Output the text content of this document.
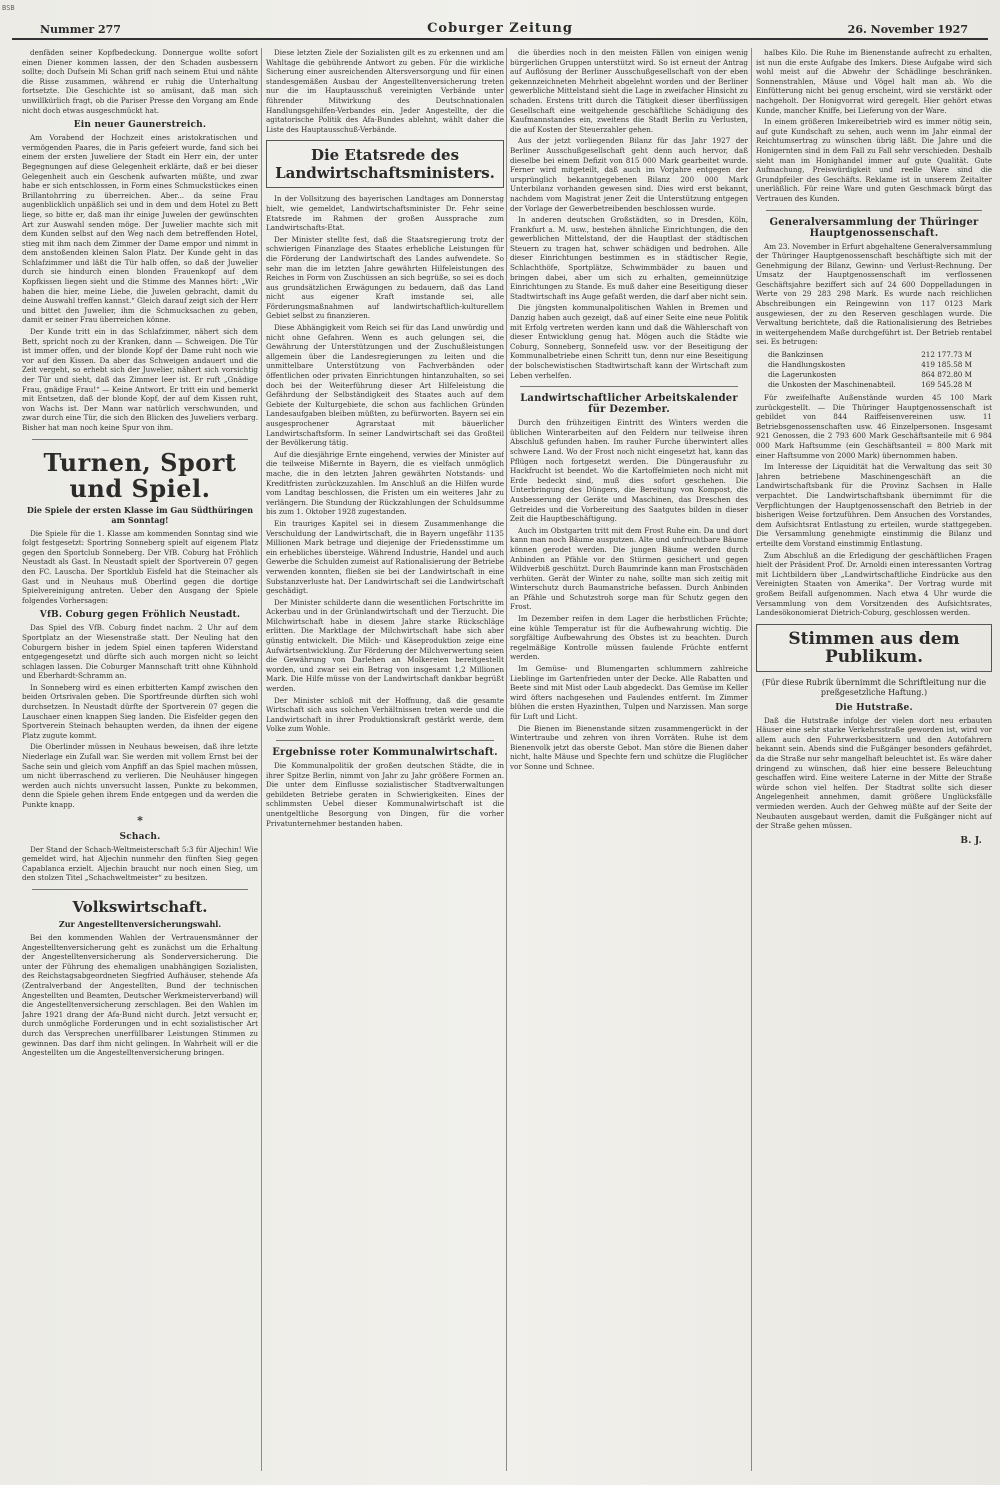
BSB
Nummer 277	Coburger Zeitung	26. November 1927

denfäden seiner Kopfbedeckung. Donnergue wollte sofort einen Diener kommen lassen, der den Schaden ausbessern sollte; doch Dufsein Mi Schan griff nach seinem Etui und nähte die Risse zusammen, während er ruhig die Unterhaltung fortsetzte. Die Geschichte ist so amüsant, daß man sich unwillkürlich fragt, ob die Pariser Presse den Vorgang am Ende nicht doch etwas ausgeschmückt hat.

Ein neuer Gaunerstreich.

Am Vorabend der Hochzeit eines aristokratischen und vermögenden Paares, die in Paris gefeiert wurde, fand sich bei einem der ersten Juweliere der Stadt ein Herr ein, der unter Begegnungen auf diese Gelegenheit erklärte, daß er bei dieser Gelegenheit auch ein Geschenk aufwarten müßte, und zwar habe er sich entschlossen, in Form eines Schmuckstückes einen Brillantohrring zu überreichen. Aber... da seine Frau augenblicklich unpäßlich sei und in dem und dem Hotel zu Bett liege, so bitte er, daß man ihr einige Juwelen der gewünschten Art zur Auswahl senden möge. Der Juwelier machte sich mit dem Kunden selbst auf den Weg nach dem betreffenden Hotel, stieg mit ihm nach dem Zimmer der Dame empor und nimmt in dem anstoßenden kleinen Salon Platz. Der Kunde geht in das Schlafzimmer und läßt die Tür halb offen, so daß der Juwelier durch sie hindurch einen blonden Frauenkopf auf dem Kopfkissen liegen sieht und die Stimme des Mannes hört: „Wir haben die hier, meine Liebe, die Juwelen gebracht, damit du deine Auswahl treffen kannst.“ Gleich darauf zeigt sich der Herr und bittet den Juwelier, ihm die Schmucksachen zu geben, damit er seiner Frau überreichen könne.

Der Kunde tritt ein in das Schlafzimmer, nähert sich dem Bett, spricht noch zu der Kranken, dann — Schweigen. Die Tür ist immer offen, und der blonde Kopf der Dame ruht noch wie vor auf den Kissen. Da aber das Schweigen andauert und die Zeit vergeht, so erhebt sich der Juwelier, nähert sich vorsichtig der Tür und sieht, daß das Zimmer leer ist. Er ruft „Gnädige Frau, gnädige Frau!“ — Keine Antwort. Er tritt ein und bemerkt mit Entsetzen, daß der blonde Kopf, der auf dem Kissen ruht, von Wachs ist. Der Mann war natürlich verschwunden, und zwar durch eine Tür, die sich den Blicken des Juweliers verbarg. Bisher hat man noch keine Spur von ihm.

Turnen, Sport und Spiel.
Die Spiele der ersten Klasse im Gau Südthüringen am Sonntag!

Die Spiele für die 1. Klasse am kommenden Sonntag sind wie folgt festgesetzt: Sportring Sonneberg spielt auf eigenem Platz gegen den Sportclub Sonneberg. Der VfB. Coburg hat Fröhlich Neustadt als Gast. In Neustadt spielt der Sportverein 07 gegen den FC. Lauscha. Der Sportklub Eisfeld hat die Steinacher als Gast und in Neuhaus muß Oberlind gegen die dortige Spielvereinigung antreten. Ueber den Ausgang der Spiele folgendes Vorhersagen:

VfB. Coburg gegen Fröhlich Neustadt.

Das Spiel des VfB. Coburg findet nachm. 2 Uhr auf dem Sportplatz an der Wiesenstraße statt. Der Neuling hat den Coburgern bisher in jedem Spiel einen tapferen Widerstand entgegengesetzt und dürfte sich auch morgen nicht so leicht schlagen lassen. Die Coburger Mannschaft tritt ohne Kühnhold und Eberhardt-Schramm an.

In Sonneberg wird es einen erbitterten Kampf zwischen den beiden Ortsrivalen geben. Die Sportfreunde dürften sich wohl durchsetzen. In Neustadt dürfte der Sportverein 07 gegen die Lauschaer einen knappen Sieg landen. Die Eisfelder gegen den Sportverein Steinach behaupten werden, da ihnen der eigene Platz zugute kommt.

Die Oberlinder müssen in Neuhaus beweisen, daß ihre letzte Niederlage ein Zufall war. Sie werden mit vollem Ernst bei der Sache sein und gleich vom Anpfiff an das Spiel machen müssen, um nicht überraschend zu verlieren. Die Neuhäuser hingegen werden auch nichts unversucht lassen, Punkte zu bekommen, denn die Spiele gehen ihrem Ende entgegen und da werden die Punkte knapp.

*
Schach.

Der Stand der Schach-Weltmeisterschaft 5:3 für Aljechin! Wie gemeldet wird, hat Aljechin nunmehr den fünften Sieg gegen Capablanca erzielt. Aljechin braucht nur noch einen Sieg, um den stolzen Titel „Schachweltmeister“ zu besitzen.

Volkswirtschaft.
Zur Angestelltenversicherungswahl.

Bei den kommenden Wahlen der Vertrauensmänner der Angestelltenversicherung geht es zunächst um die Erhaltung der Angestelltenversicherung als Sonderversicherung. Die unter der Führung des ehemaligen unabhängigen Sozialisten, des Reichstagsabgeordneten Siegfried Aufhäuser, stehende Afa (Zentralverband der Angestellten, Bund der technischen Angestellten und Beamten, Deutscher Werkmeisterverband) will die Angestelltenversicherung zerschlagen. Bei den Wahlen im Jahre 1921 drang der Afa-Bund nicht durch. Jetzt versucht er, durch unmögliche Forderungen und in echt sozialistischer Art durch das Versprechen unerfüllbarer Leistungen Stimmen zu gewinnen. Das darf ihm nicht gelingen. In Wahrheit will er die Angestellten um die Angestelltenversicherung bringen.

Diese letzten Ziele der Sozialisten gilt es zu erkennen und am Wahltage die gebührende Antwort zu geben. Für die wirkliche Sicherung einer ausreichenden Altersversorgung und für einen standesgemäßen Ausbau der Angestelltenversicherung treten nur die im Hauptausschuß vereinigten Verbände unter führender Mitwirkung des Deutschnationalen Handlungsgehilfen-Verbandes ein. Jeder Angestellte, der die agitatorische Politik des Afa-Bundes ablehnt, wählt daher die Liste des Hauptausschuß-Verbände.

Die Etatsrede des Landwirtschaftsministers.

In der Vollsitzung des bayerischen Landtages am Donnerstag hielt, wie gemeldet, Landwirtschaftsminister Dr. Fehr seine Etatsrede im Rahmen der großen Aussprache zum Landwirtschafts-Etat.

Der Minister stellte fest, daß die Staatsregierung trotz der schwierigen Finanzlage des Staates erhebliche Leistungen für die Förderung der Landwirtschaft des Landes aufwendete. So sehr man die im letzten Jahre gewährten Hilfeleistungen des Reiches in Form von Zuschüssen an sich begrüße, so sei es doch aus grundsätzlichen Erwägungen zu bedauern, daß das Land nicht aus eigener Kraft imstande sei, alle Förderungsmaßnahmen auf landwirtschaftlich-kulturellem Gebiet selbst zu finanzieren.

Diese Abhängigkeit vom Reich sei für das Land unwürdig und nicht ohne Gefahren. Wenn es auch gelungen sei, die Gewährung der Unterstützungen und der Zuschußleistungen allgemein über die Landesregierungen zu leiten und die unmittelbare Unterstützung von Fachverbänden oder öffentlichen oder privaten Einrichtungen hintanzuhalten, so sei doch bei der Weiterführung dieser Art Hilfeleistung die Gefährdung der Selbständigkeit des Staates auch auf dem Gebiete der Kulturgebiete, die schon aus fachlichen Gründen Landesaufgaben bleiben müßten, zu befürworten. Bayern sei ein ausgesprochener Agrarstaat mit bäuerlicher Landwirtschaftsform. In seiner Landwirtschaft sei das Großteil der Bevölkerung tätig.

Auf die diesjährige Ernte eingehend, verwies der Minister auf die teilweise Mißernte in Bayern, die es vielfach unmöglich mache, die in den letzten Jahren gewährten Notstands- und Kreditfristen zurückzuzahlen. Im Anschluß an die Hilfen wurde vom Landtag beschlossen, die Fristen um ein weiteres Jahr zu verlängern. Die Stundung der Rückzahlungen der Schuldsumme bis zum 1. Oktober 1928 zugestanden.

Ein trauriges Kapitel sei in diesem Zusammenhange die Verschuldung der Landwirtschaft, die in Bayern ungefähr 1135 Millionen Mark betrage und diejenige der Friedensstimme um ein erhebliches übersteige. Während Industrie, Handel und auch Gewerbe die Schulden zumeist auf Rationalisierung der Betriebe verwenden konnten, fließen sie bei der Landwirtschaft in eine Substanzverluste hat. Der Landwirtschaft sei die Landwirtschaft geschädigt.

Der Minister schilderte dann die wesentlichen Fortschritte im Ackerbau und in der Grünlandwirtschaft und der Tierzucht. Die Milchwirtschaft habe in diesem Jahre starke Rückschläge erlitten. Die Marktlage der Milchwirtschaft habe sich aber günstig entwickelt. Die Milch- und Käseproduktion zeige eine Aufwärtsentwicklung. Zur Förderung der Milchverwertung seien die Gewährung von Darlehen an Molkereien bereitgestellt worden, und zwar sei ein Betrag von insgesamt 1,2 Millionen Mark. Die Hilfe müsse von der Landwirtschaft dankbar begrüßt werden.

Der Minister schloß mit der Hoffnung, daß die gesamte Wirtschaft sich aus solchen Verhältnissen treten werde und die Landwirtschaft in ihrer Produktionskraft gestärkt werde, dem Volke zum Wohle.

Ergebnisse roter Kommunalwirtschaft.

Die Kommunalpolitik der großen deutschen Städte, die in ihrer Spitze Berlin, nimmt von Jahr zu Jahr größere Formen an. Die unter dem Einflusse sozialistischer Stadtverwaltungen gebildeten Betriebe geraten in Schwierigkeiten. Eines der schlimmsten Uebel dieser Kommunalwirtschaft ist die unentgeltliche Besorgung von Dingen, für die vorher Privatunternehmer bestanden haben.

die überdies noch in den meisten Fällen von einigen wenig bürgerlichen Gruppen unterstützt wird. So ist erneut der Antrag auf Auflösung der Berliner Ausschußgesellschaft von der eben gekennzeichneten Mehrheit abgelehnt worden und der Berliner gewerbliche Mittelstand sieht die Lage in zweifacher Hinsicht zu schaden. Erstens tritt durch die Tätigkeit dieser überflüssigen Gesellschaft eine weitgehende geschäftliche Schädigung des Kaufmannstandes ein, zweitens die Stadt Berlin zu Verlusten, die auf Kosten der Steuerzahler gehen.

Aus der jetzt vorliegenden Bilanz für das Jahr 1927 der Berliner Ausschußgesellschaft geht denn auch hervor, daß dieselbe bei einem Defizit von 815 000 Mark gearbeitet wurde. Ferner wird mitgeteilt, daß auch im Vorjahre entgegen der ursprünglich bekanntgegebenen Bilanz 200 000 Mark Unterbilanz vorhanden gewesen sind. Dies wird erst bekannt, nachdem vom Magistrat jener Zeit die Unterstützung entgegen der Vorlage der Gewerbetreibenden beschlossen wurde.

In anderen deutschen Großstädten, so in Dresden, Köln, Frankfurt a. M. usw., bestehen ähnliche Einrichtungen, die den gewerblichen Mittelstand, der die Hauptlast der städtischen Steuern zu tragen hat, schwer schädigen und bedrohen. Alle dieser Einrichtungen bestimmen es in städtischer Regie, Schlachthöfe, Sportplätze, Schwimmbäder zu bauen und bringen dabei, aber um sich zu erhalten, gemeinnützige Einrichtungen zu Stande. Es muß daher eine Beseitigung dieser Stadtwirtschaft ins Auge gefaßt werden, die darf aber nicht sein.

Die jüngsten kommunalpolitischen Wahlen in Bremen und Danzig haben auch gezeigt, daß auf einer Seite eine neue Politik mit Erfolg vertreten werden kann und daß die Wählerschaft von dieser Entwicklung genug hat. Mögen auch die Städte wie Coburg, Sonneberg, Sonnefeld usw. vor der Beseitigung der Kommunalbetriebe einen Schritt tun, denn nur eine Beseitigung der bolschewistischen Stadtwirtschaft kann der Wirtschaft zum Leben verhelfen.

Landwirtschaftlicher Arbeitskalender für Dezember.

Durch den frühzeitigen Eintritt des Winters werden die üblichen Winterarbeiten auf den Feldern nur teilweise ihren Abschluß gefunden haben. Im rauher Furche überwintert alles schwere Land. Wo der Frost noch nicht eingesetzt hat, kann das Pflügen noch fortgesetzt werden. Die Düngerausfuhr zu Hackfrucht ist beendet. Wo die Kartoffelmieten noch nicht mit Erde bedeckt sind, muß dies sofort geschehen. Die Unterbringung des Düngers, die Bereitung von Kompost, die Ausbesserung der Geräte und Maschinen, das Dreschen des Getreides und die Vorbereitung des Saatgutes bilden in dieser Zeit die Hauptbeschäftigung.

Auch im Obstgarten tritt mit dem Frost Ruhe ein. Da und dort kann man noch Bäume ausputzen. Alte und unfruchtbare Bäume können gerodet werden. Die jungen Bäume werden durch Anbinden an Pfähle vor den Stürmen gesichert und gegen Wildverbiß geschützt. Durch Baumrinde kann man Frostschäden verhüten. Gerät der Winter zu nahe, sollte man sich zeitig mit Winterschutz durch Baumanstriche befassen. Durch Anbinden an Pfähle und Schutzstroh sorge man für Schutz gegen den Frost.

Im Dezember reifen in dem Lager die herbstlichen Früchte; eine kühle Temperatur ist für die Aufbewahrung wichtig. Die sorgfältige Aufbewahrung des Obstes ist zu beachten. Durch regelmäßige Kontrolle müssen faulende Früchte entfernt werden.

Im Gemüse- und Blumengarten schlummern zahlreiche Lieblinge im Gartenfrieden unter der Decke. Alle Rabatten und Beete sind mit Mist oder Laub abgedeckt. Das Gemüse im Keller wird öfters nachgesehen und Faulendes entfernt. Im Zimmer blühen die ersten Hyazinthen, Tulpen und Narzissen. Man sorge für Luft und Licht.

Die Bienen im Bienenstande sitzen zusammengerückt in der Wintertraube und zehren von ihren Vorräten. Ruhe ist dem Bienenvolk jetzt das oberste Gebot. Man störe die Bienen daher nicht, halte Mäuse und Spechte fern und schütze die Fluglöcher vor Sonne und Schnee.

halbes Kilo. Die Ruhe im Bienenstande aufrecht zu erhalten, ist nun die erste Aufgabe des Imkers. Diese Aufgabe wird sich wohl meist auf die Abwehr der Schädlinge beschränken. Sonnenstrahlen, Mäuse und Vögel halt man ab. Wo die Einfütterung nicht bei genug erscheint, wird sie verstärkt oder nachgeholt. Der Honigvorrat wird geregelt. Hier gehört etwas Kunde, mancher Kniffe, bei Lieferung von der Ware.

In einem größeren Imkereibetrieb wird es immer nötig sein, auf gute Kundschaft zu sehen, auch wenn im Jahr einmal der Reichtumsertrag zu wünschen übrig läßt. Die Jahre und die Honigernten sind in dem Fall zu Fall sehr verschieden. Deshalb sieht man im Honighandel immer auf gute Qualität. Gute Aufmachung, Preiswürdigkeit und reelle Ware sind die Grundpfeiler des Geschäfts. Reklame ist in unserem Zeitalter unerläßlich. Für reine Ware und guten Geschmack bürgt das Vertrauen des Kunden.

Generalversammlung der Thüringer Hauptgenossenschaft.

Am 23. November in Erfurt abgehaltene Generalversammlung der Thüringer Hauptgenossenschaft beschäftigte sich mit der Genehmigung der Bilanz, Gewinn- und Verlust-Rechnung. Der Umsatz der Hauptgenossenschaft im verflossenen Geschäftsjahre beziffert sich auf 24 600 Doppelladungen in Werte von 29 283 298 Mark. Es wurde nach reichlichen Abschreibungen ein Reingewinn von 117 0123 Mark ausgewiesen, der zu den Reserven geschlagen wurde. Die Verwaltung berichtete, daß die Rationalisierung des Betriebes in weitergehendem Maße durchgeführt ist. Der Betrieb rentabel sei. Es betrugen:

die Bankzinsen	212 177.73 M
die Handlungskosten	419 185.58 M
die Lagerunkosten	864 872.80 M
die Unkosten der Maschinenabteil.	169 545.28 M

Für zweifelhafte Außenstände wurden 45 100 Mark zurückgestellt. — Die Thüringer Hauptgenossenschaft ist gebildet von 844 Raiffeisenvereinen usw. 11 Betriebsgenossenschaften usw. 46 Einzelpersonen. Insgesamt 921 Genossen, die 2 793 600 Mark Geschäftsanteile mit 6 984 000 Mark Haftsumme (ein Geschäftsanteil = 800 Mark mit einer Haftsumme von 2000 Mark) übernommen haben.

Im Interesse der Liquidität hat die Verwaltung das seit 30 Jahren betriebene Maschinengeschäft an die Landwirtschaftsbank für die Provinz Sachsen in Halle verpachtet. Die Landwirtschaftsbank übernimmt für die Verpflichtungen der Hauptgenossenschaft den Betrieb in der bisherigen Weise fortzuführen. Dem Ansuchen des Vorstandes, dem Aufsichtsrat Entlastung zu erteilen, wurde stattgegeben. Die Versammlung genehmigte einstimmig die Bilanz und erteilte dem Vorstand einstimmig Entlastung.

Zum Abschluß an die Erledigung der geschäftlichen Fragen hielt der Präsident Prof. Dr. Arnoldi einen interessanten Vortrag mit Lichtbildern über „Landwirtschaftliche Eindrücke aus den Vereinigten Staaten von Amerika“. Der Vortrag wurde mit großem Beifall aufgenommen. Nach etwa 4 Uhr wurde die Versammlung von dem Vorsitzenden des Aufsichtsrates, Landesökonomierat Dietrich-Coburg, geschlossen werden.

Stimmen aus dem Publikum.
(Für diese Rubrik übernimmt die Schriftleitung nur die preßgesetzliche Haftung.)
Die Hutstraße.

Daß die Hutstraße infolge der vielen dort neu erbauten Häuser eine sehr starke Verkehrsstraße geworden ist, wird vor allem auch den Fuhrwerksbesitzern und den Autofahrern bekannt sein. Abends sind die Fußgänger besonders gefährdet, da die Straße nur sehr mangelhaft beleuchtet ist. Es wäre daher dringend zu wünschen, daß hier eine bessere Beleuchtung geschaffen wird. Eine weitere Laterne in der Mitte der Straße würde schon viel helfen. Der Stadtrat sollte sich dieser Angelegenheit annehmen, damit größere Unglücksfälle vermieden werden. Auch der Gehweg müßte auf der Seite der Neubauten ausgebaut werden, damit die Fußgänger nicht auf der Straße gehen müssen.

B. J.
